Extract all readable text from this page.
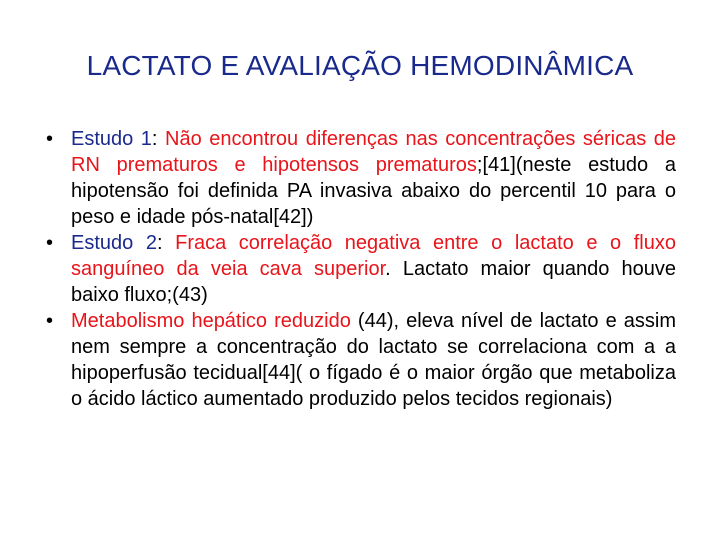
LACTATO E AVALIAÇÃO HEMODINÂMICA
• Estudo 1: Não encontrou diferenças nas concentrações séricas de RN prematuros e hipotensos prematuros;[41](neste estudo a hipotensão foi definida PA invasiva abaixo do percentil 10 para o peso e idade pós-natal[42])
• Estudo 2: Fraca correlação negativa entre o lactato e o fluxo sanguíneo da veia cava superior. Lactato maior quando houve baixo fluxo;(43)
• Metabolismo hepático reduzido (44), eleva nível de lactato e assim nem sempre a concentração do lactato se correlaciona com a a hipoperfusão tecidual[44]( o fígado é o maior órgão que metaboliza o ácido láctico aumentado produzido pelos tecidos regionais)
